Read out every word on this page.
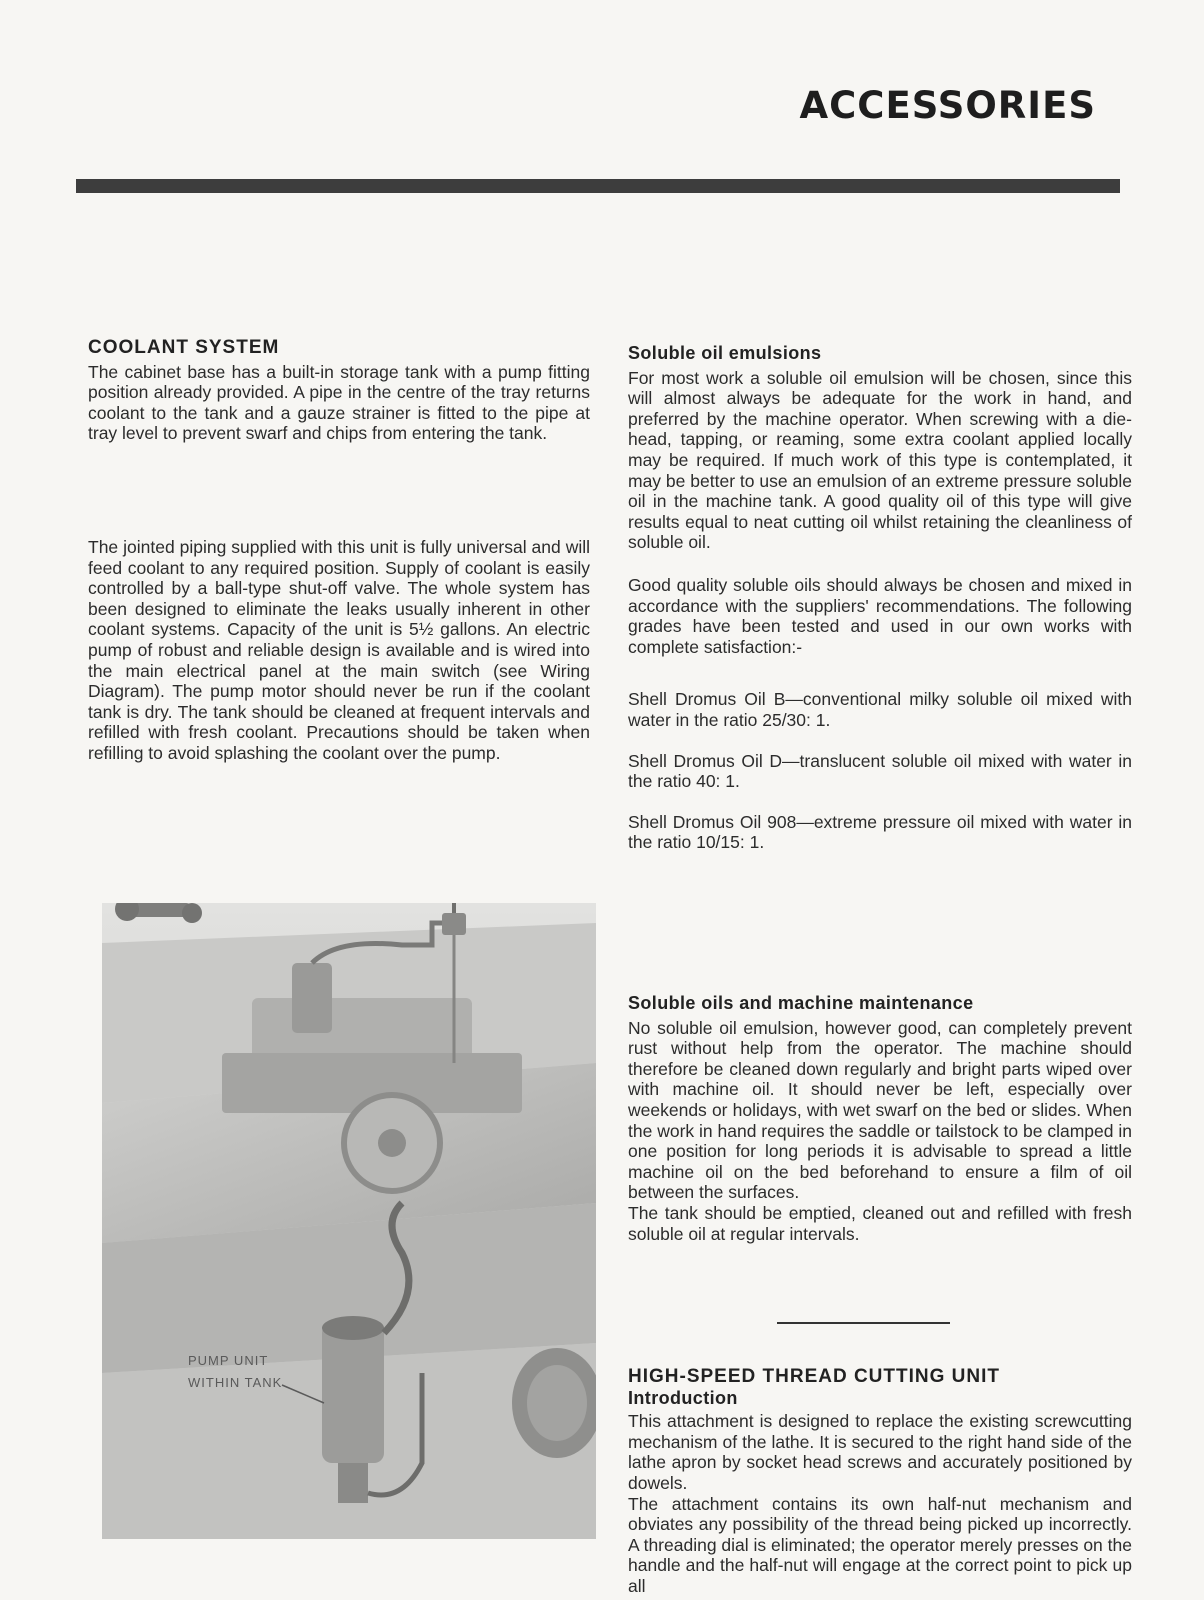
ACCESSORIES
COOLANT SYSTEM

The cabinet base has a built-in storage tank with a pump fitting position already provided. A pipe in the centre of the tray returns coolant to the tank and a gauze strainer is fitted to the pipe at tray level to prevent swarf and chips from entering the tank.

The jointed piping supplied with this unit is fully universal and will feed coolant to any required position. Supply of coolant is easily controlled by a ball-type shut-off valve. The whole system has been designed to eliminate the leaks usually inherent in other coolant systems. Capacity of the unit is 5½ gallons. An electric pump of robust and reliable design is available and is wired into the main electrical panel at the main switch (see Wiring Diagram). The pump motor should never be run if the coolant tank is dry. The tank should be cleaned at frequent intervals and refilled with fresh coolant. Precautions should be taken when refilling to avoid splashing the coolant over the pump.

PUMP UNIT
WITHIN TANK
Soluble oil emulsions

For most work a soluble oil emulsion will be chosen, since this will almost always be adequate for the work in hand, and preferred by the machine operator. When screwing with a die-head, tapping, or reaming, some extra coolant applied locally may be required. If much work of this type is contemplated, it may be better to use an emulsion of an extreme pressure soluble oil in the machine tank. A good quality oil of this type will give results equal to neat cutting oil whilst retaining the cleanliness of soluble oil.

Good quality soluble oils should always be chosen and mixed in accordance with the suppliers' recommendations. The following grades have been tested and used in our own works with complete satisfaction:-

Shell Dromus Oil B—conventional milky soluble oil mixed with water in the ratio 25/30: 1.

Shell Dromus Oil D—translucent soluble oil mixed with water in the ratio 40: 1.

Shell Dromus Oil 908—extreme pressure oil mixed with water in the ratio 10/15: 1.

Soluble oils and machine maintenance

No soluble oil emulsion, however good, can completely prevent rust without help from the operator. The machine should therefore be cleaned down regularly and bright parts wiped over with machine oil. It should never be left, especially over weekends or holidays, with wet swarf on the bed or slides. When the work in hand requires the saddle or tailstock to be clamped in one position for long periods it is advisable to spread a little machine oil on the bed beforehand to ensure a film of oil between the surfaces.

The tank should be emptied, cleaned out and refilled with fresh soluble oil at regular intervals.

HIGH-SPEED THREAD CUTTING UNIT
Introduction

This attachment is designed to replace the existing screwcutting mechanism of the lathe. It is secured to the right hand side of the lathe apron by socket head screws and accurately positioned by dowels.

The attachment contains its own half-nut mechanism and obviates any possibility of the thread being picked up incorrectly. A threading dial is eliminated; the operator merely presses on the handle and the half-nut will engage at the correct point to pick up all
